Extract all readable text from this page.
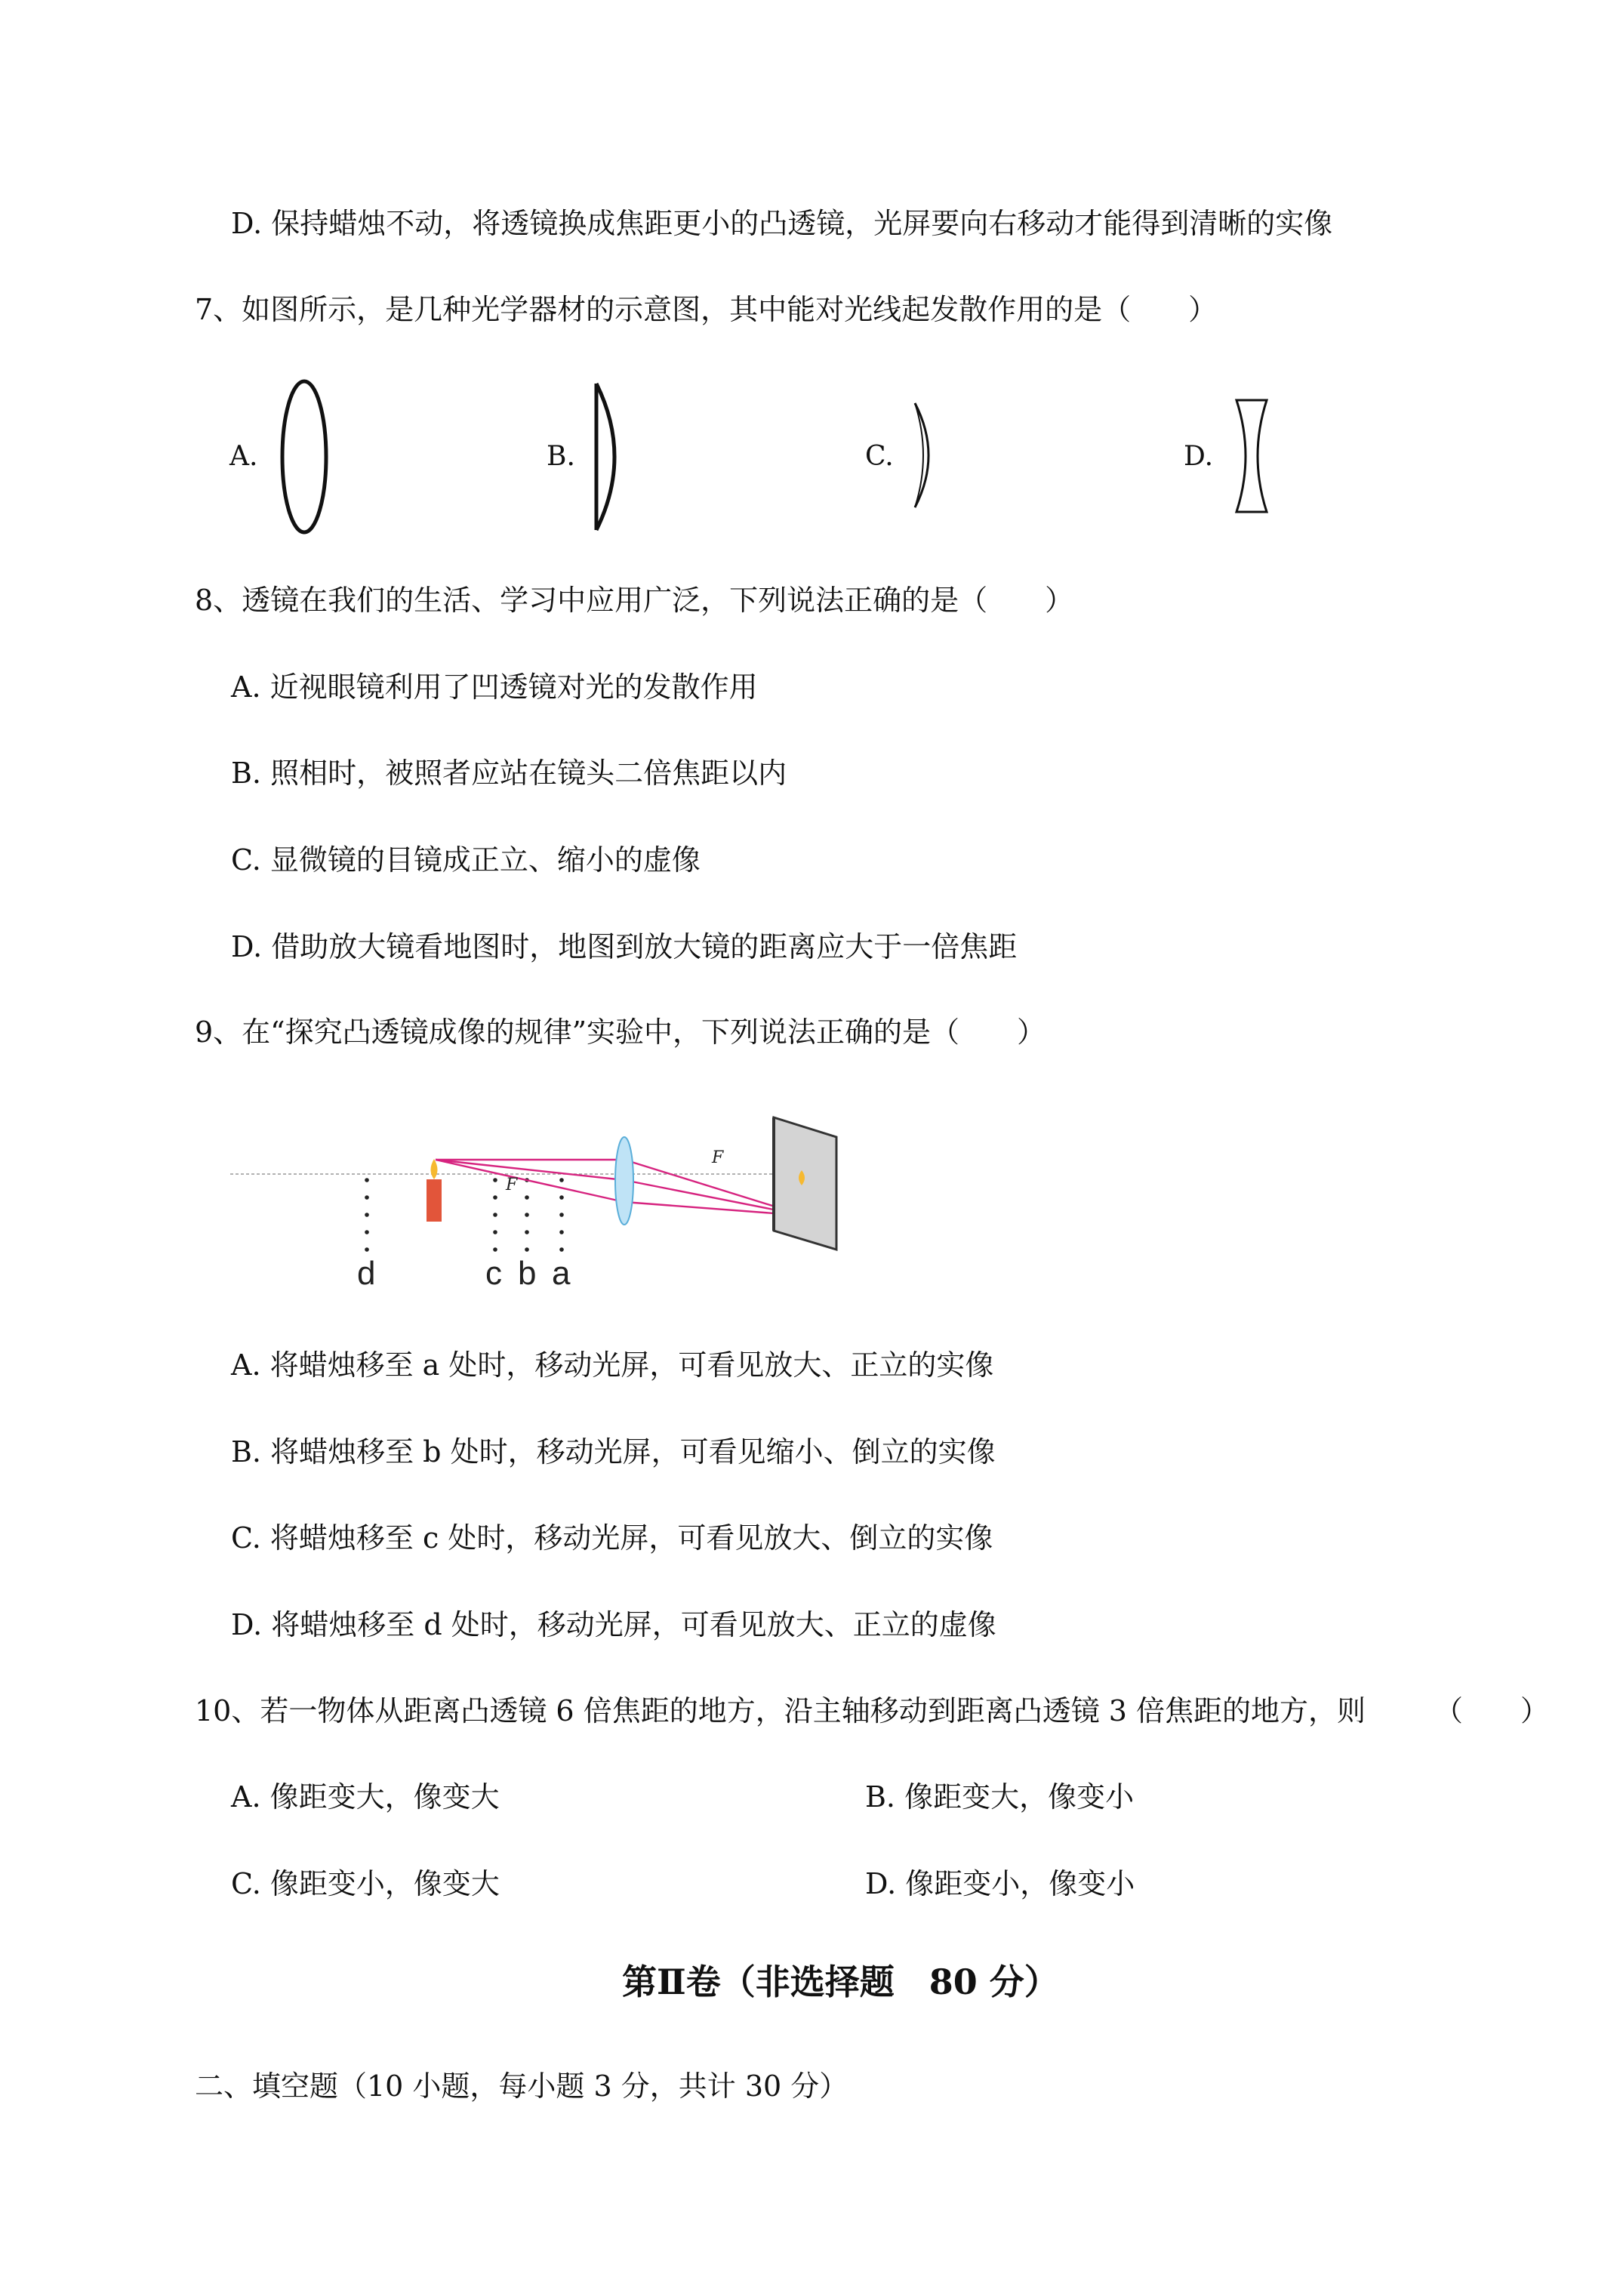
D. 保持蜡烛不动，将透镜换成焦距更小的凸透镜，光屏要向右移动才能得到清晰的实像
7、如图所示，是几种光学器材的示意图，其中能对光线起发散作用的是（　　）
A.	B.	C.	D.
8、透镜在我们的生活、学习中应用广泛，下列说法正确的是（　　）
A. 近视眼镜利用了凹透镜对光的发散作用
B. 照相时，被照者应站在镜头二倍焦距以内
C. 显微镜的目镜成正立、缩小的虚像
D. 借助放大镜看地图时，地图到放大镜的距离应大于一倍焦距
9、在“探究凸透镜成像的规律”实验中，下列说法正确的是（　　）
F
F
d	c b a
A. 将蜡烛移至 a 处时，移动光屏，可看见放大、正立的实像
B. 将蜡烛移至 b 处时，移动光屏，可看见缩小、倒立的实像
C. 将蜡烛移至 c 处时，移动光屏，可看见放大、倒立的实像
D. 将蜡烛移至 d 处时，移动光屏，可看见放大、正立的虚像
10、若一物体从距离凸透镜 6 倍焦距的地方，沿主轴移动到距离凸透镜 3 倍焦距的地方，则 （　　）
A. 像距变大，像变大	B. 像距变大，像变小
C. 像距变小，像变大	D. 像距变小，像变小
第Ⅱ卷（非选择题　80 分）
二、填空题（10 小题，每小题 3 分，共计 30 分）
